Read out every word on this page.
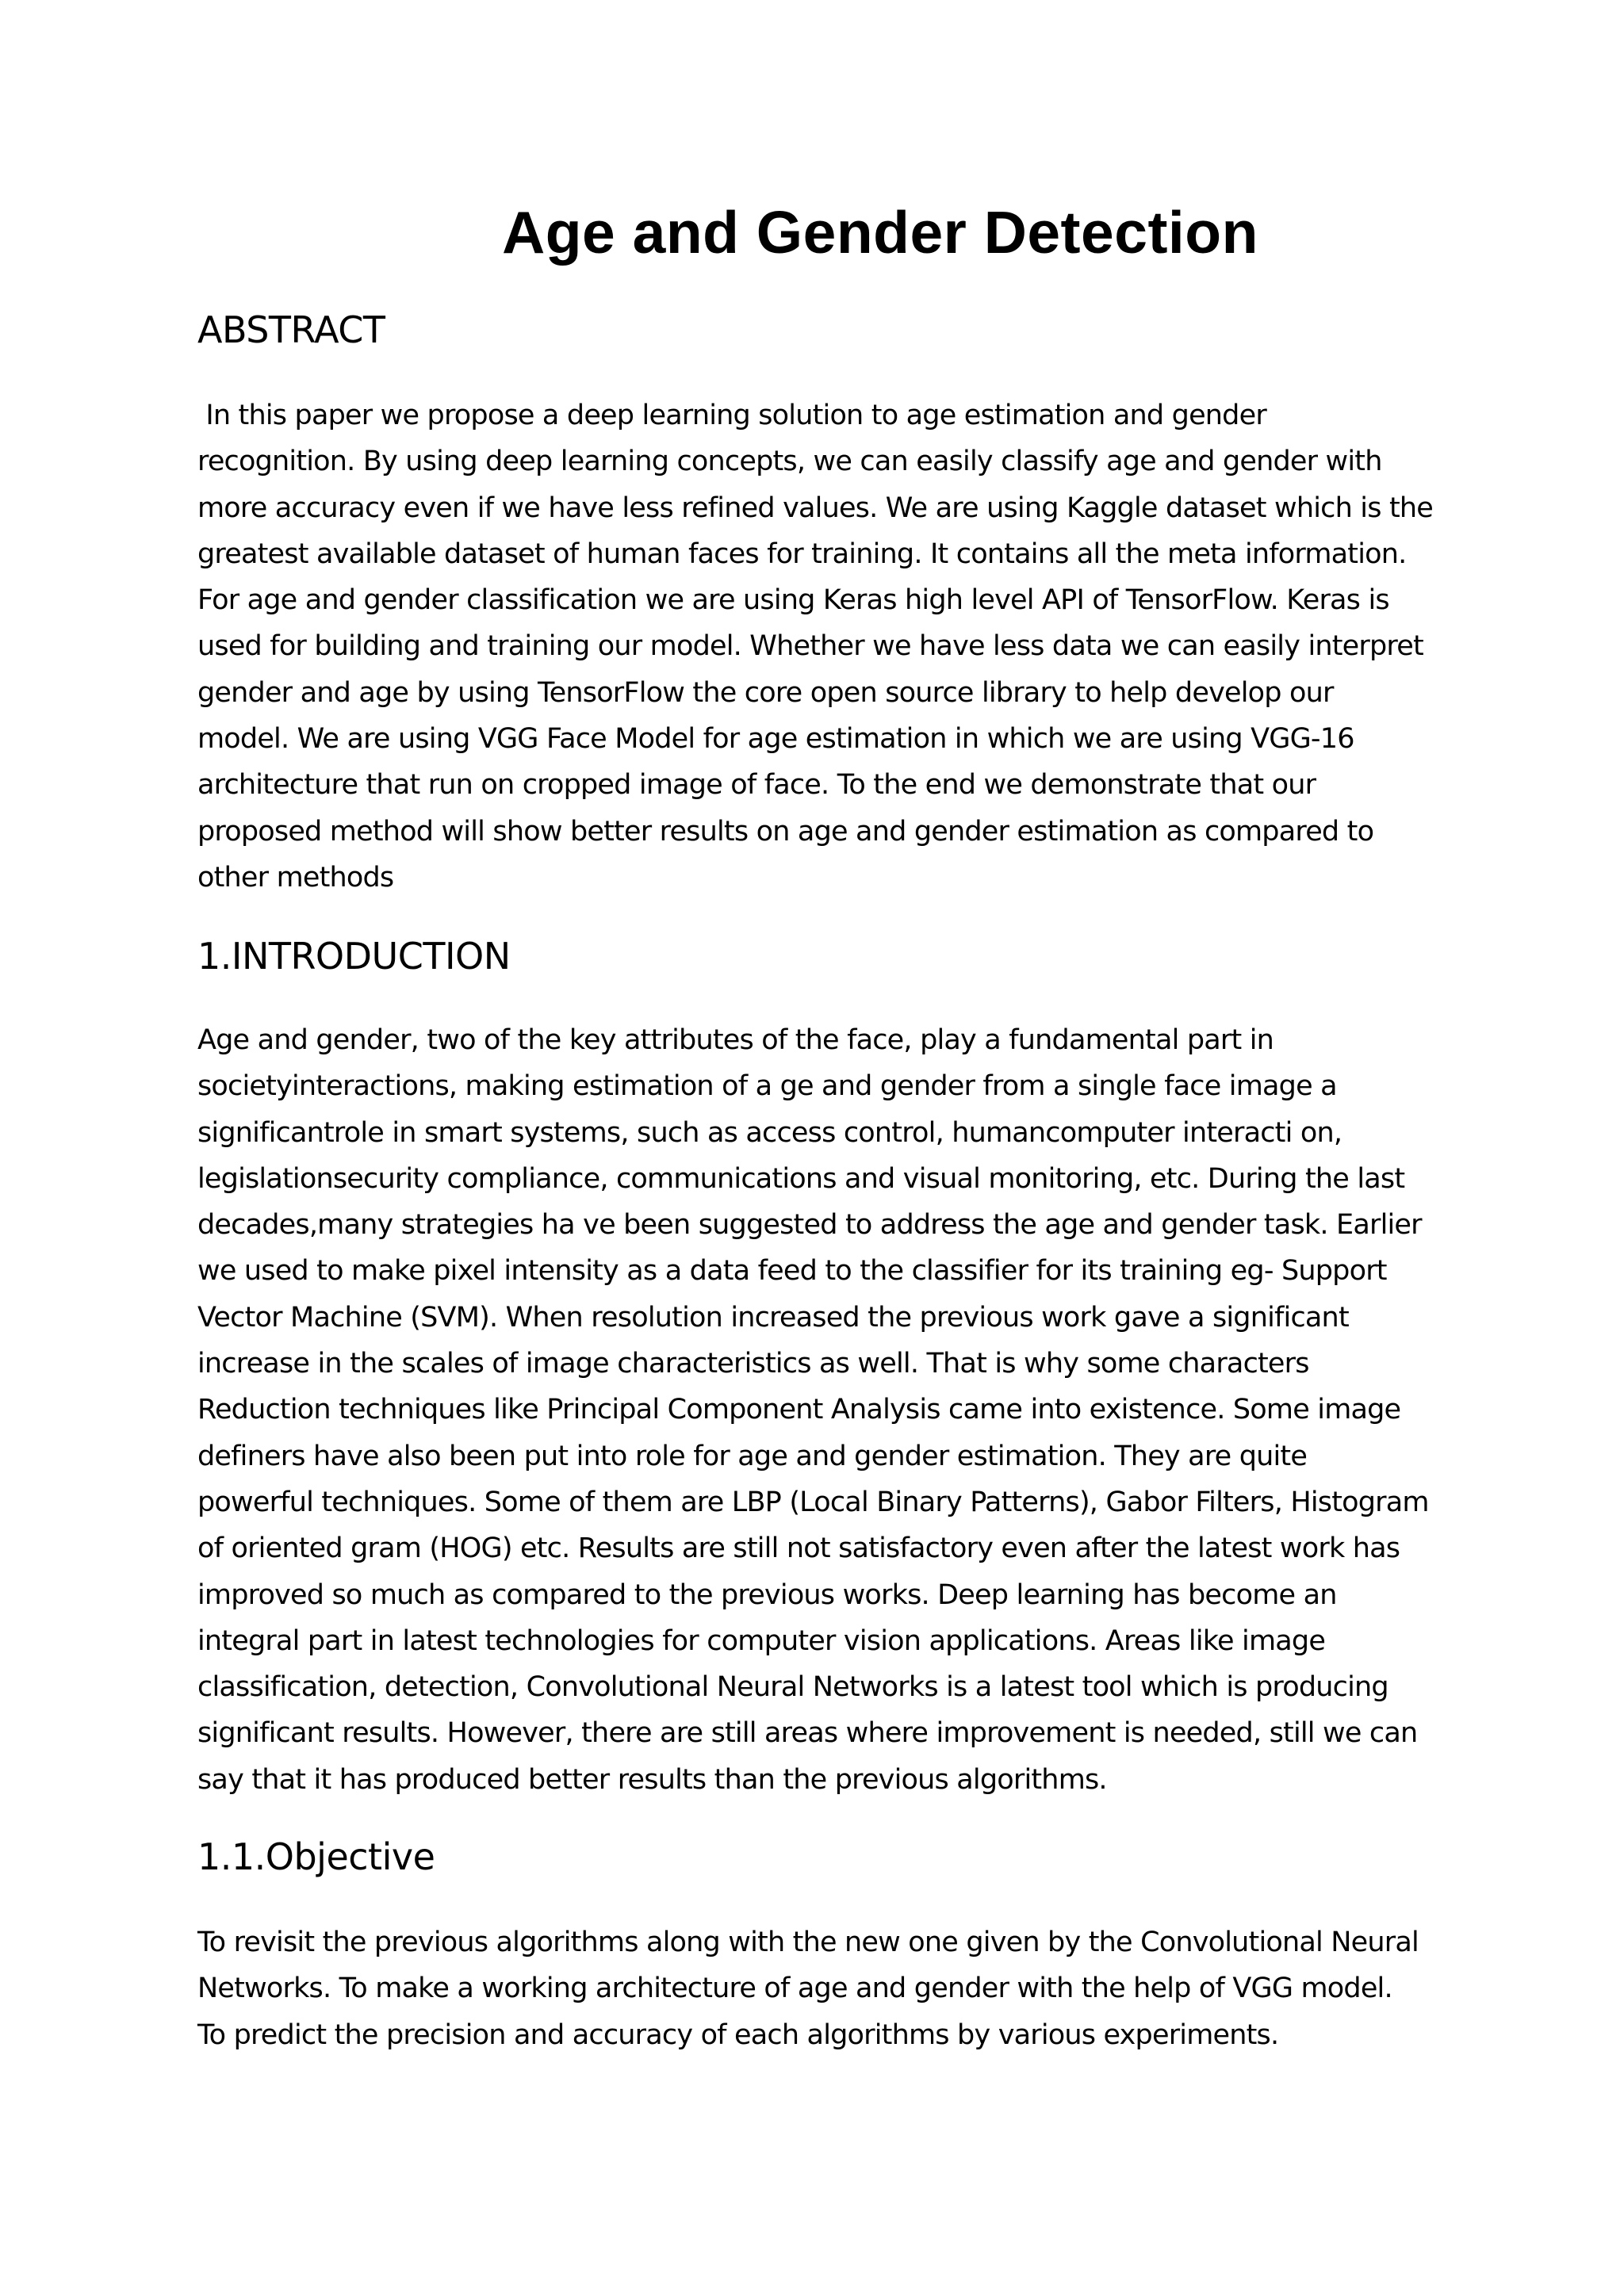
Age and Gender Detection
ABSTRACT
In this paper we propose a deep learning solution to age estimation and gender
recognition. By using deep learning concepts, we can easily classify age and gender with
more accuracy even if we have less refined values. We are using Kaggle dataset which is the
greatest available dataset of human faces for training. It contains all the meta information.
For age and gender classification we are using Keras high level API of TensorFlow. Keras is
used for building and training our model. Whether we have less data we can easily interpret
gender and age by using TensorFlow the core open source library to help develop our
model. We are using VGG Face Model for age estimation in which we are using VGG-16
architecture that run on cropped image of face. To the end we demonstrate that our
proposed method will show better results on age and gender estimation as compared to
other methods
1.INTRODUCTION
Age and gender, two of the key attributes of the face, play a fundamental part in
societyinteractions, making estimation of a ge and gender from a single face image a
significantrole in smart systems, such as access control, humancomputer interacti on,
legislationsecurity compliance, communications and visual monitoring, etc. During the last
decades,many strategies ha ve been suggested to address the age and gender task. Earlier
we used to make pixel intensity as a data feed to the classifier for its training eg- Support
Vector Machine (SVM). When resolution increased the previous work gave a significant
increase in the scales of image characteristics as well. That is why some characters
Reduction techniques like Principal Component Analysis came into existence. Some image
definers have also been put into role for age and gender estimation. They are quite
powerful techniques. Some of them are LBP (Local Binary Patterns), Gabor Filters, Histogram
of oriented gram (HOG) etc. Results are still not satisfactory even after the latest work has
improved so much as compared to the previous works. Deep learning has become an
integral part in latest technologies for computer vision applications. Areas like image
classification, detection, Convolutional Neural Networks is a latest tool which is producing
significant results. However, there are still areas where improvement is needed, still we can
say that it has produced better results than the previous algorithms.
1.1.Objective
To revisit the previous algorithms along with the new one given by the Convolutional Neural
Networks. To make a working architecture of age and gender with the help of VGG model.
To predict the precision and accuracy of each algorithms by various experiments.
